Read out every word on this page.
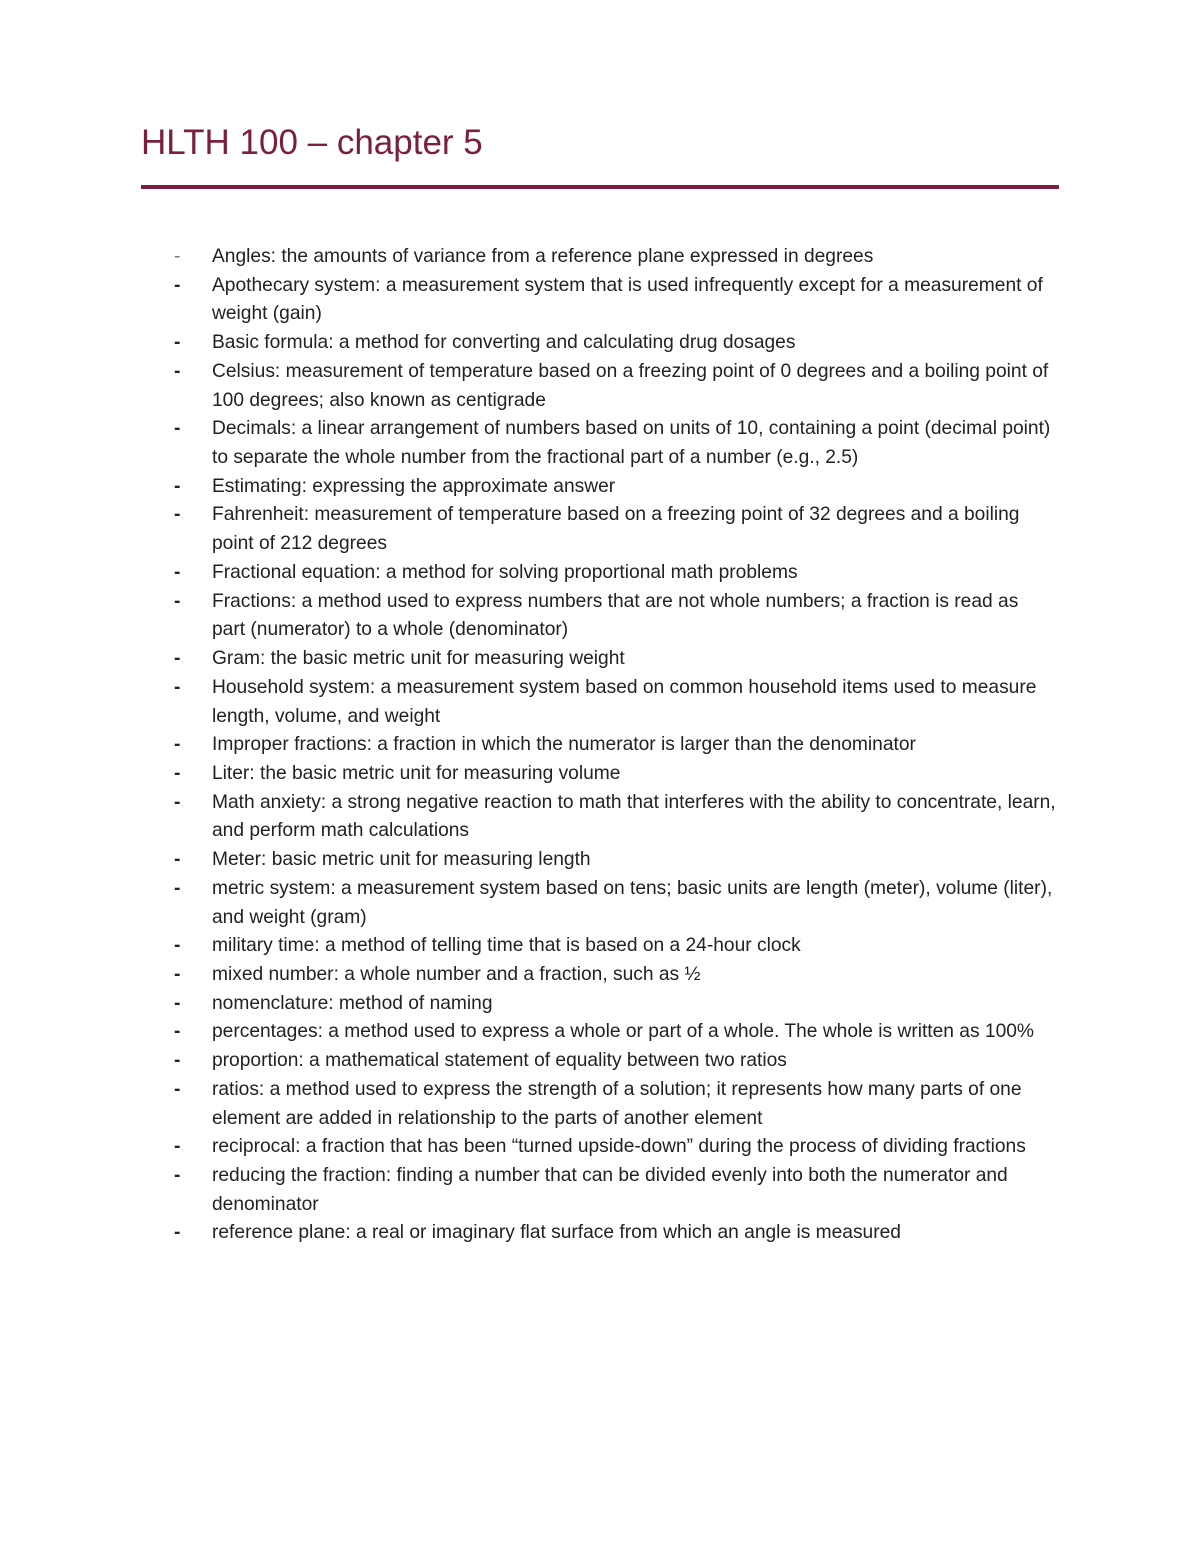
HLTH 100 – chapter 5
- Angles: the amounts of variance from a reference plane expressed in degrees
- Apothecary system: a measurement system that is used infrequently except for a measurement of weight (gain)
- Basic formula: a method for converting and calculating drug dosages
- Celsius: measurement of temperature based on a freezing point of 0 degrees and a boiling point of 100 degrees; also known as centigrade
- Decimals: a linear arrangement of numbers based on units of 10, containing a point (decimal point) to separate the whole number from the fractional part of a number (e.g., 2.5)
- Estimating: expressing the approximate answer
- Fahrenheit: measurement of temperature based on a freezing point of 32 degrees and a boiling point of 212 degrees
- Fractional equation: a method for solving proportional math problems
- Fractions: a method used to express numbers that are not whole numbers; a fraction is read as part (numerator) to a whole (denominator)
- Gram: the basic metric unit for measuring weight
- Household system: a measurement system based on common household items used to measure length, volume, and weight
- Improper fractions: a fraction in which the numerator is larger than the denominator
- Liter: the basic metric unit for measuring volume
- Math anxiety: a strong negative reaction to math that interferes with the ability to concentrate, learn, and perform math calculations
- Meter: basic metric unit for measuring length
- metric system: a measurement system based on tens; basic units are length (meter), volume (liter), and weight (gram)
- military time: a method of telling time that is based on a 24-hour clock
- mixed number: a whole number and a fraction, such as ½
- nomenclature: method of naming
- percentages: a method used to express a whole or part of a whole. The whole is written as 100%
- proportion: a mathematical statement of equality between two ratios
- ratios: a method used to express the strength of a solution; it represents how many parts of one element are added in relationship to the parts of another element
- reciprocal: a fraction that has been “turned upside-down” during the process of dividing fractions
- reducing the fraction: finding a number that can be divided evenly into both the numerator and denominator
- reference plane: a real or imaginary flat surface from which an angle is measured
